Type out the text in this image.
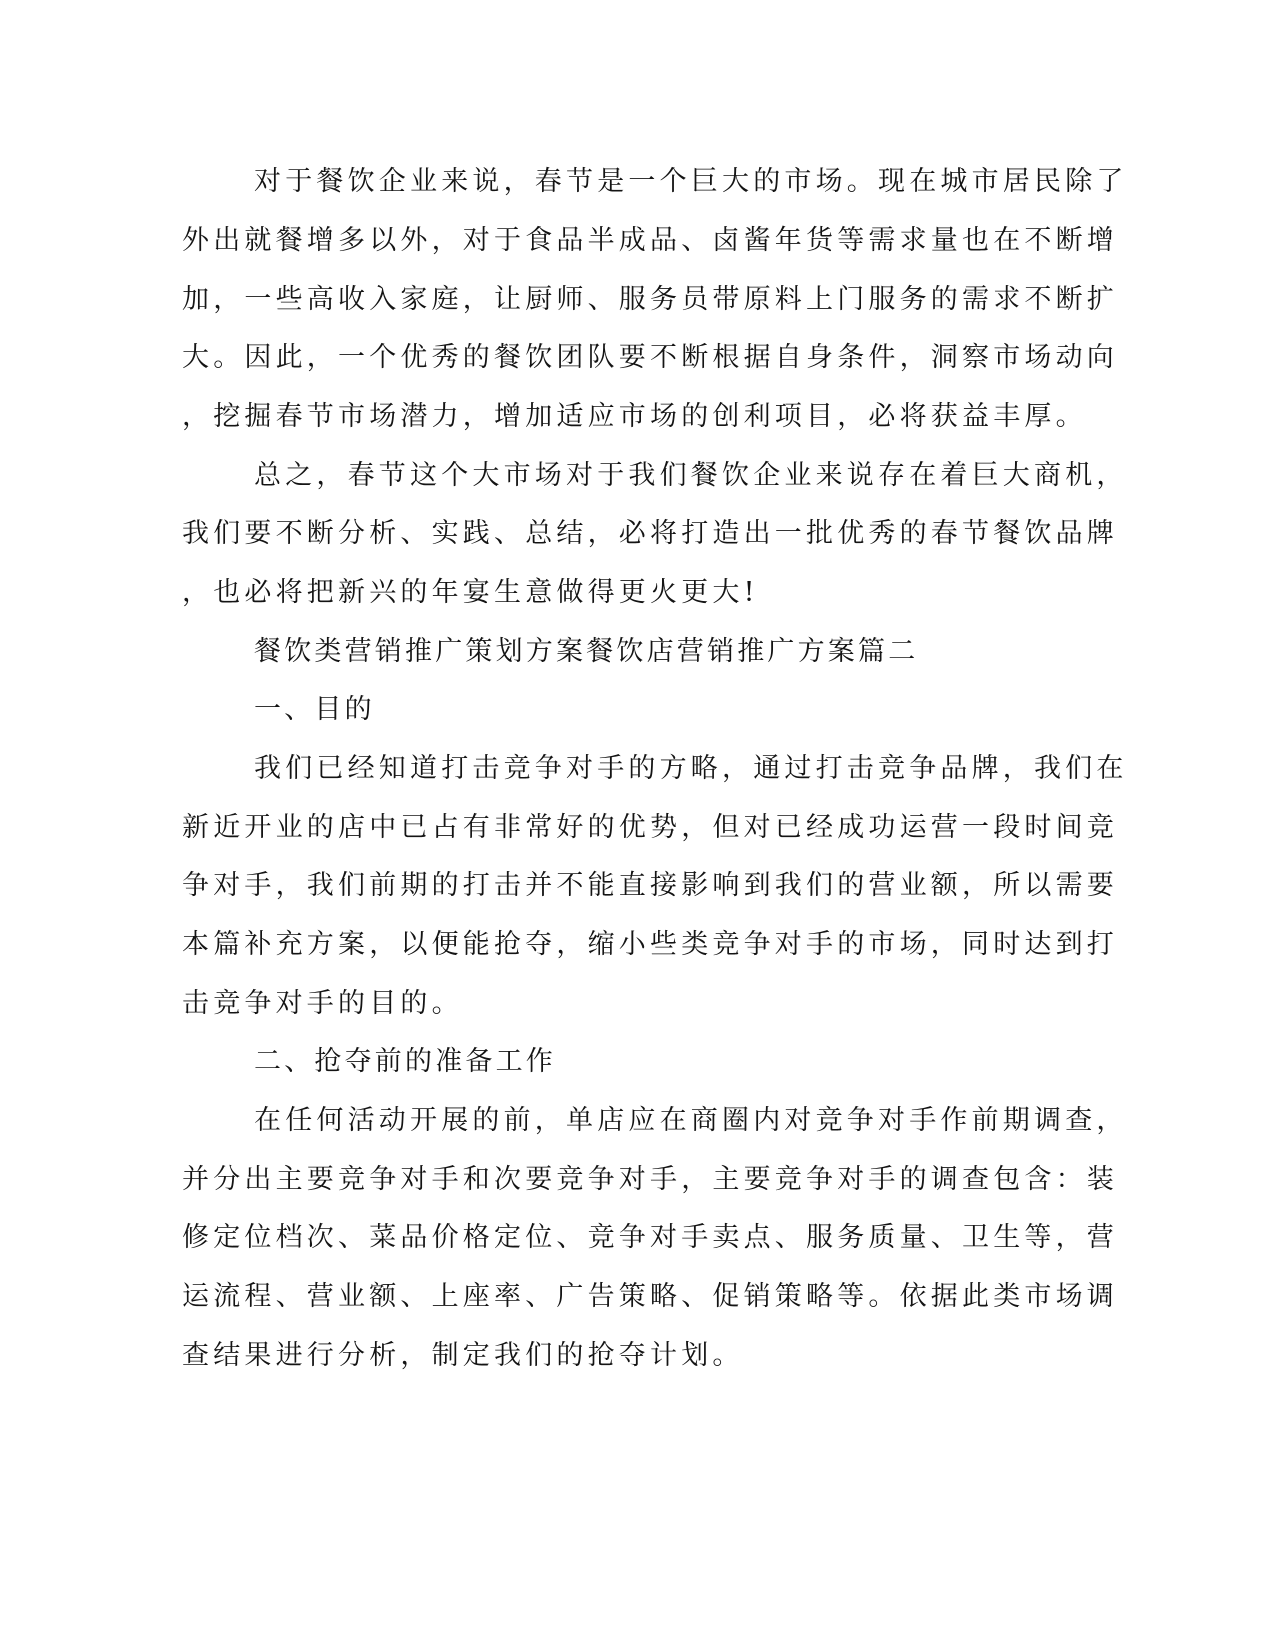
对于餐饮企业来说，春节是一个巨大的市场。现在城市居民除了

外出就餐增多以外，对于食品半成品、卤酱年货等需求量也在不断增

加，一些高收入家庭，让厨师、服务员带原料上门服务的需求不断扩

大。因此，一个优秀的餐饮团队要不断根据自身条件，洞察市场动向

，挖掘春节市场潜力，增加适应市场的创利项目，必将获益丰厚。

总之，春节这个大市场对于我们餐饮企业来说存在着巨大商机，

我们要不断分析、实践、总结，必将打造出一批优秀的春节餐饮品牌

，也必将把新兴的年宴生意做得更火更大!

餐饮类营销推广策划方案餐饮店营销推广方案篇二

一、目的

我们已经知道打击竞争对手的方略，通过打击竞争品牌，我们在

新近开业的店中已占有非常好的优势，但对已经成功运营一段时间竞

争对手，我们前期的打击并不能直接影响到我们的营业额，所以需要

本篇补充方案，以便能抢夺，缩小些类竞争对手的市场，同时达到打

击竞争对手的目的。

二、抢夺前的准备工作

在任何活动开展的前，单店应在商圈内对竞争对手作前期调查，

并分出主要竞争对手和次要竞争对手，主要竞争对手的调查包含：装

修定位档次、菜品价格定位、竞争对手卖点、服务质量、卫生等，营

运流程、营业额、上座率、广告策略、促销策略等。依据此类市场调

查结果进行分析，制定我们的抢夺计划。
